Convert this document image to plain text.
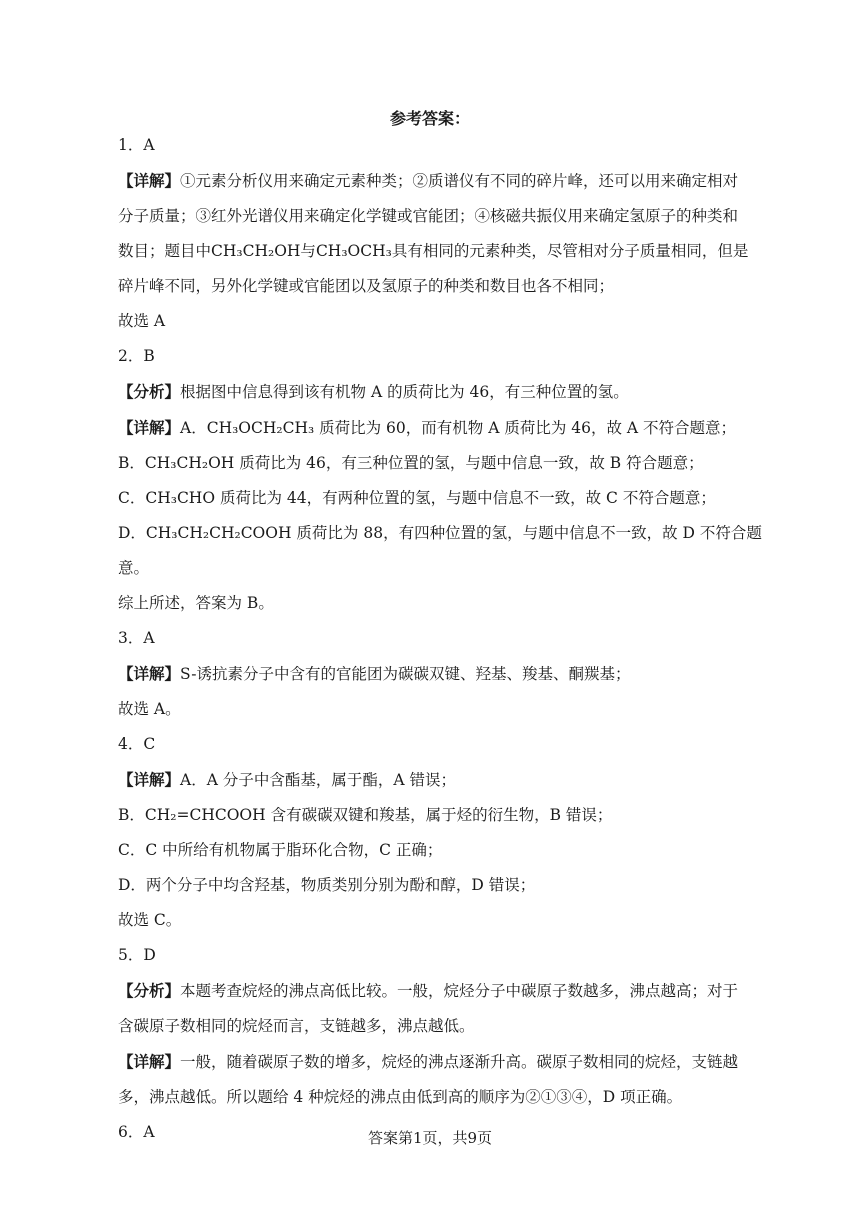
参考答案：
1．A
【详解】①元素分析仪用来确定元素种类；②质谱仪有不同的碎片峰，还可以用来确定相对
分子质量；③红外光谱仪用来确定化学键或官能团；④核磁共振仪用来确定氢原子的种类和
数目；题目中CH₃CH₂OH与CH₃OCH₃具有相同的元素种类，尽管相对分子质量相同，但是
碎片峰不同，另外化学键或官能团以及氢原子的种类和数目也各不相同；
故选 A
2．B
【分析】根据图中信息得到该有机物 A 的质荷比为 46，有三种位置的氢。
【详解】A．CH₃OCH₂CH₃ 质荷比为 60，而有机物 A 质荷比为 46，故 A 不符合题意；
B．CH₃CH₂OH 质荷比为 46，有三种位置的氢，与题中信息一致，故 B 符合题意；
C．CH₃CHO 质荷比为 44，有两种位置的氢，与题中信息不一致，故 C 不符合题意；
D．CH₃CH₂CH₂COOH 质荷比为 88，有四种位置的氢，与题中信息不一致，故 D 不符合题
意。
综上所述，答案为 B。
3．A
【详解】S-诱抗素分子中含有的官能团为碳碳双键、羟基、羧基、酮羰基；
故选 A。
4．C
【详解】A．A 分子中含酯基，属于酯，A 错误；
B．CH₂=CHCOOH 含有碳碳双键和羧基，属于烃的衍生物，B 错误；
C．C 中所给有机物属于脂环化合物，C 正确；
D．两个分子中均含羟基，物质类别分别为酚和醇，D 错误；
故选 C。
5．D
【分析】本题考查烷烃的沸点高低比较。一般，烷烃分子中碳原子数越多，沸点越高；对于
含碳原子数相同的烷烃而言，支链越多，沸点越低。
【详解】一般，随着碳原子数的增多，烷烃的沸点逐渐升高。碳原子数相同的烷烃，支链越
多，沸点越低。所以题给 4 种烷烃的沸点由低到高的顺序为②①③④，D 项正确。
6．A	答案第1页，共9页
